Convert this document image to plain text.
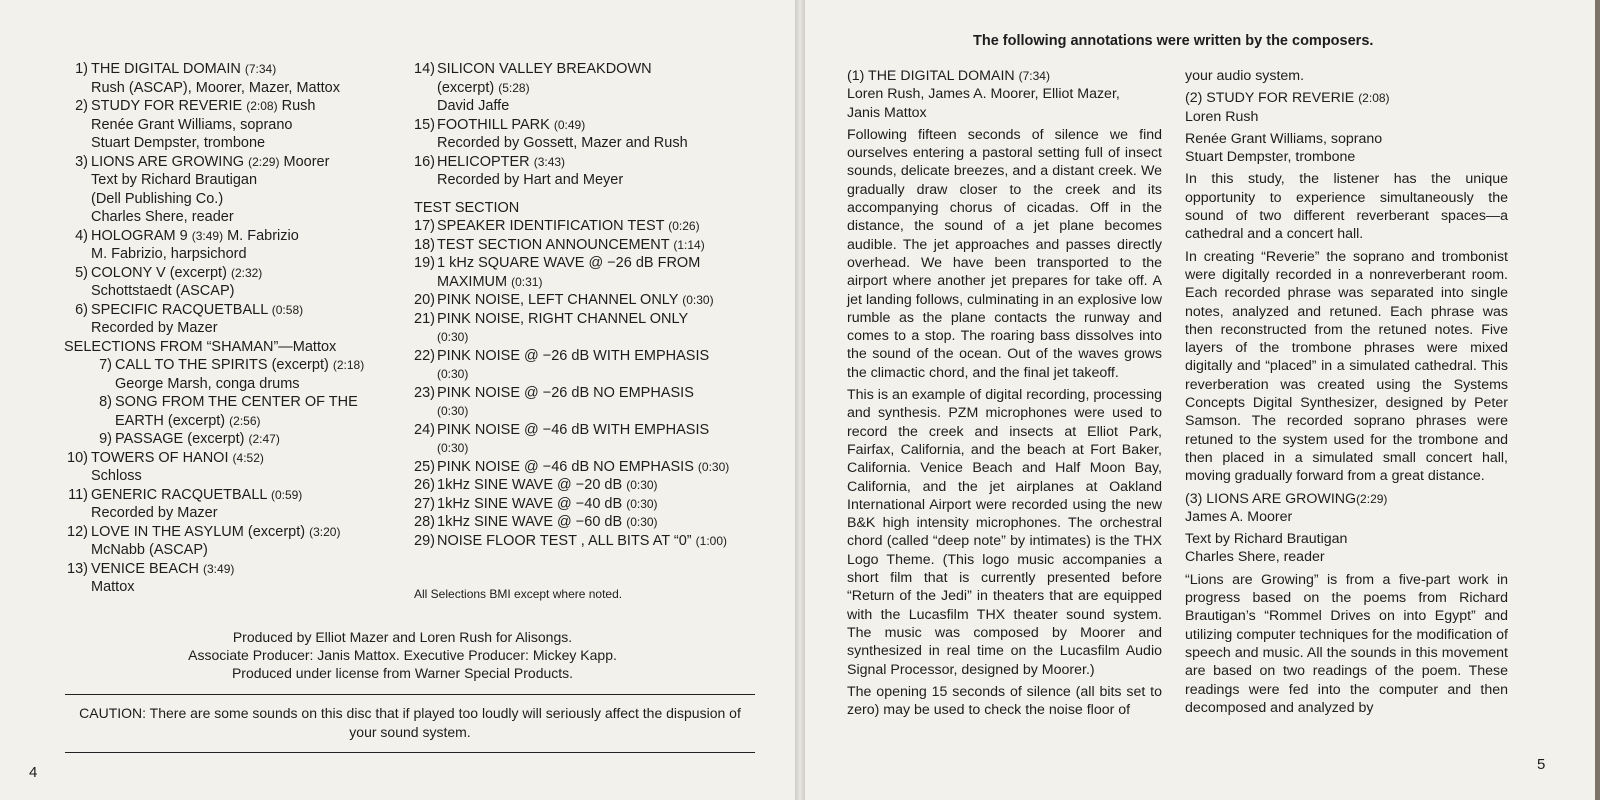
1) THE DIGITAL DOMAIN (7:34)
Rush (ASCAP), Moorer, Mazer, Mattox
2) STUDY FOR REVERIE (2:08) Rush
Renée Grant Williams, soprano
Stuart Dempster, trombone
3) LIONS ARE GROWING (2:29) Moorer
Text by Richard Brautigan
(Dell Publishing Co.)
Charles Shere, reader
4) HOLOGRAM 9 (3:49) M. Fabrizio
M. Fabrizio, harpsichord
5) COLONY V (excerpt) (2:32)
Schottstaedt (ASCAP)
6) SPECIFIC RACQUETBALL (0:58)
Recorded by Mazer
SELECTIONS FROM “SHAMAN”—Mattox
7) CALL TO THE SPIRITS (excerpt) (2:18)
George Marsh, conga drums
8) SONG FROM THE CENTER OF THE
EARTH (excerpt) (2:56)
9) PASSAGE (excerpt) (2:47)
10) TOWERS OF HANOI (4:52)
Schloss
11) GENERIC RACQUETBALL (0:59)
Recorded by Mazer
12) LOVE IN THE ASYLUM (excerpt) (3:20)
McNabb (ASCAP)
13) VENICE BEACH (3:49)
Mattox
14) SILICON VALLEY BREAKDOWN
(excerpt) (5:28)
David Jaffe
15) FOOTHILL PARK (0:49)
Recorded by Gossett, Mazer and Rush
16) HELICOPTER (3:43)
Recorded by Hart and Meyer
TEST SECTION
17) SPEAKER IDENTIFICATION TEST (0:26)
18) TEST SECTION ANNOUNCEMENT (1:14)
19) 1 kHz SQUARE WAVE @ −26 dB FROM
MAXIMUM (0:31)
20) PINK NOISE, LEFT CHANNEL ONLY (0:30)
21) PINK NOISE, RIGHT CHANNEL ONLY
(0:30)
22) PINK NOISE @ −26 dB WITH EMPHASIS
(0:30)
23) PINK NOISE @ −26 dB NO EMPHASIS
(0:30)
24) PINK NOISE @ −46 dB WITH EMPHASIS
(0:30)
25) PINK NOISE @ −46 dB NO EMPHASIS (0:30)
26) 1kHz SINE WAVE @ −20 dB (0:30)
27) 1kHz SINE WAVE @ −40 dB (0:30)
28) 1kHz SINE WAVE @ −60 dB (0:30)
29) NOISE FLOOR TEST , ALL BITS AT “0” (1:00)
All Selections BMI except where noted.
Produced by Elliot Mazer and Loren Rush for Alisongs.
Associate Producer: Janis Mattox. Executive Producer: Mickey Kapp.
Produced under license from Warner Special Products.
CAUTION: There are some sounds on this disc that if played too loudly will seriously affect the dispusion of your sound system.
4
The following annotations were written by the composers.
(1) THE DIGITAL DOMAIN (7:34)
Loren Rush, James A. Moorer, Elliot Mazer,
Janis Mattox

Following fifteen seconds of silence we find ourselves entering a pastoral setting full of insect sounds, delicate breezes, and a distant creek. We gradually draw closer to the creek and its accompanying chorus of cicadas. Off in the distance, the sound of a jet plane becomes audible. The jet approaches and passes directly overhead. We have been transported to the airport where another jet prepares for take off. A jet landing follows, culminating in an explosive low rumble as the plane contacts the runway and comes to a stop. The roaring bass dissolves into the sound of the ocean. Out of the waves grows the climactic chord, and the final jet takeoff.

This is an example of digital recording, processing and synthesis. PZM microphones were used to record the creek and insects at Elliot Park, Fairfax, California, and the beach at Fort Baker, California. Venice Beach and Half Moon Bay, California, and the jet airplanes at Oakland International Airport were recorded using the new B&K high intensity microphones. The orchestral chord (called “deep note” by intimates) is the THX Logo Theme. (This logo music accompanies a short film that is currently presented before “Return of the Jedi” in theaters that are equipped with the Lucasfilm THX theater sound system. The music was composed by Moorer and synthesized in real time on the Lucasfilm Audio Signal Processor, designed by Moorer.)

The opening 15 seconds of silence (all bits set to zero) may be used to check the noise floor of

your audio system.
(2) STUDY FOR REVERIE (2:08)
Loren Rush
Renée Grant Williams, soprano
Stuart Dempster, trombone

In this study, the listener has the unique opportunity to experience simultaneously the sound of two different reverberant spaces—a cathedral and a concert hall.

In creating “Reverie” the soprano and trombonist were digitally recorded in a nonreverberant room. Each recorded phrase was separated into single notes, analyzed and retuned. Each phrase was then reconstructed from the retuned notes. Five layers of the trombone phrases were mixed digitally and “placed” in a simulated cathedral. This reverberation was created using the Systems Concepts Digital Synthesizer, designed by Peter Samson. The recorded soprano phrases were retuned to the system used for the trombone and then placed in a simulated small concert hall, moving gradually forward from a great distance.

(3) LIONS ARE GROWING(2:29)
James A. Moorer
Text by Richard Brautigan
Charles Shere, reader

“Lions are Growing” is from a five-part work in progress based on the poems from Richard Brautigan’s “Rommel Drives on into Egypt” and utilizing computer techniques for the modification of speech and music. All the sounds in this movement are based on two readings of the poem. These readings were fed into the computer and then decomposed and analyzed by

5
